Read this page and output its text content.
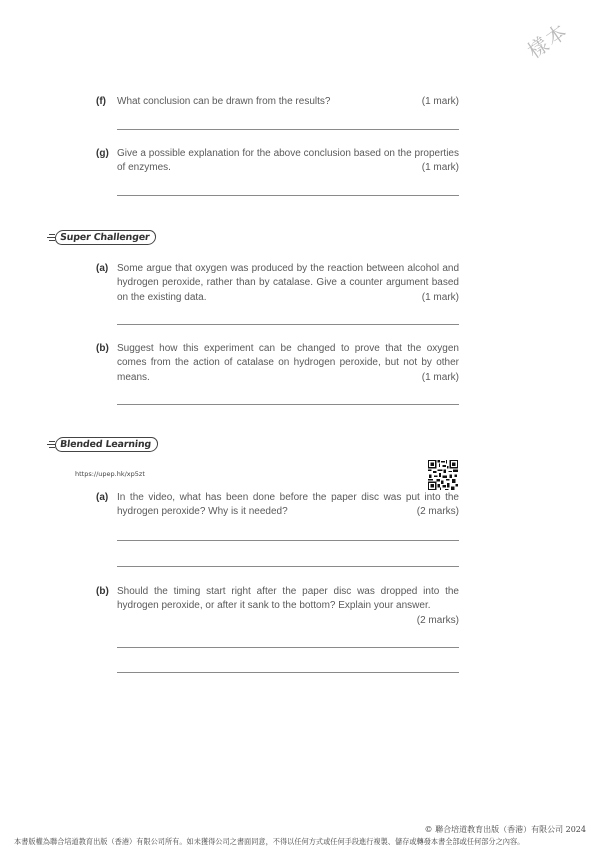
樣本
(f) What conclusion can be drawn from the results?	(1 mark)
(g) Give a possible explanation for the above conclusion based on the properties of enzymes.	(1 mark)
Super Challenger
(a) Some argue that oxygen was produced by the reaction between alcohol and hydrogen peroxide, rather than by catalase. Give a counter argument based on the existing data.	(1 mark)
(b) Suggest how this experiment can be changed to prove that the oxygen comes from the action of catalase on hydrogen peroxide, but not by other means.	(1 mark)
Blended Learning
https://upep.hk/xp5zt
(a) In the video, what has been done before the paper disc was put into the hydrogen peroxide? Why is it needed?	(2 marks)
(b) Should the timing start right after the paper disc was dropped into the hydrogen peroxide, or after it sank to the bottom? Explain your answer.
(2 marks)
© 聯合培道教育出版（香港）有限公司 2024
本書版權為聯合培道教育出版（香港）有限公司所有。如未獲得公司之書面同意，不得以任何方式或任何手段進行複製、儲存或轉發本書全部或任何部分之內容。
